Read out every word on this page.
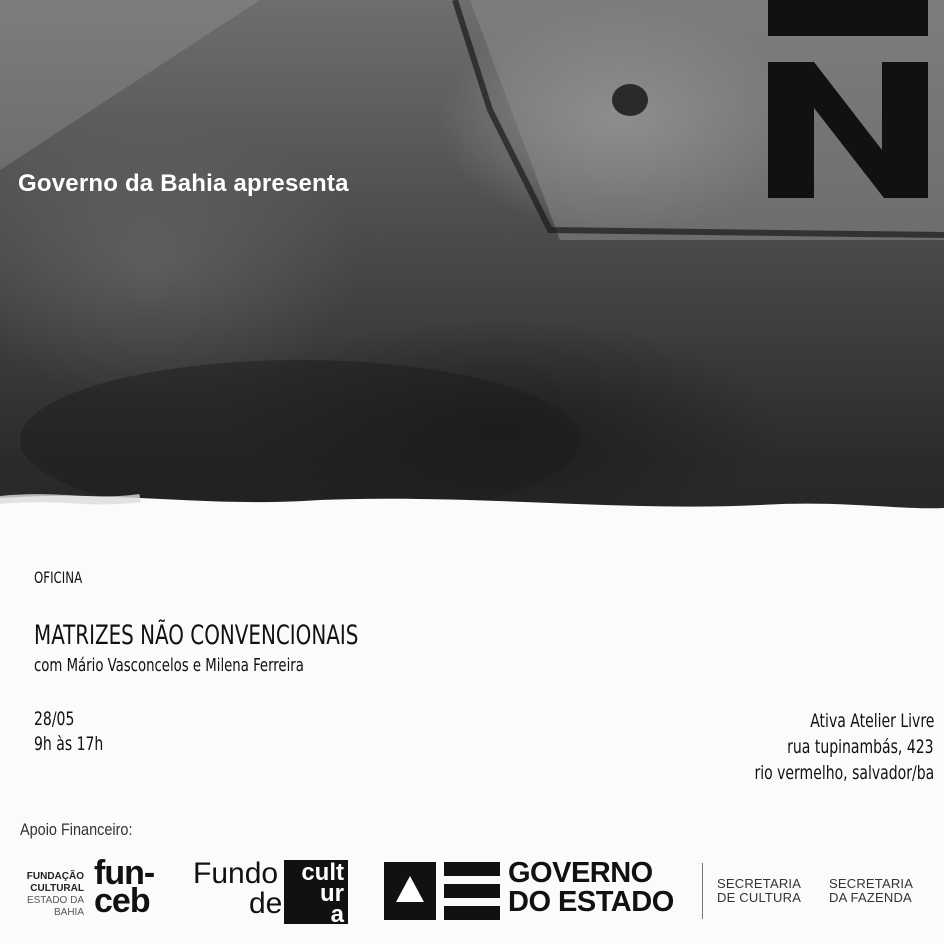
Governo da Bahia apresenta
OFICINA
MATRIZES NÃO CONVENCIONAIS
com Mário Vasconcelos e Milena Ferreira
28/05
9h às 17h
Ativa Atelier Livre
rua tupinambás, 423
rio vermelho, salvador/ba
Apoio Financeiro:
FUNDAÇÃO
CULTURAL
ESTADO DA
BAHIA
fun-
ceb
Fundo
de
cult
ur
a
GOVERNO
DO ESTADO
SECRETARIA
DE CULTURA
SECRETARIA
DA FAZENDA
